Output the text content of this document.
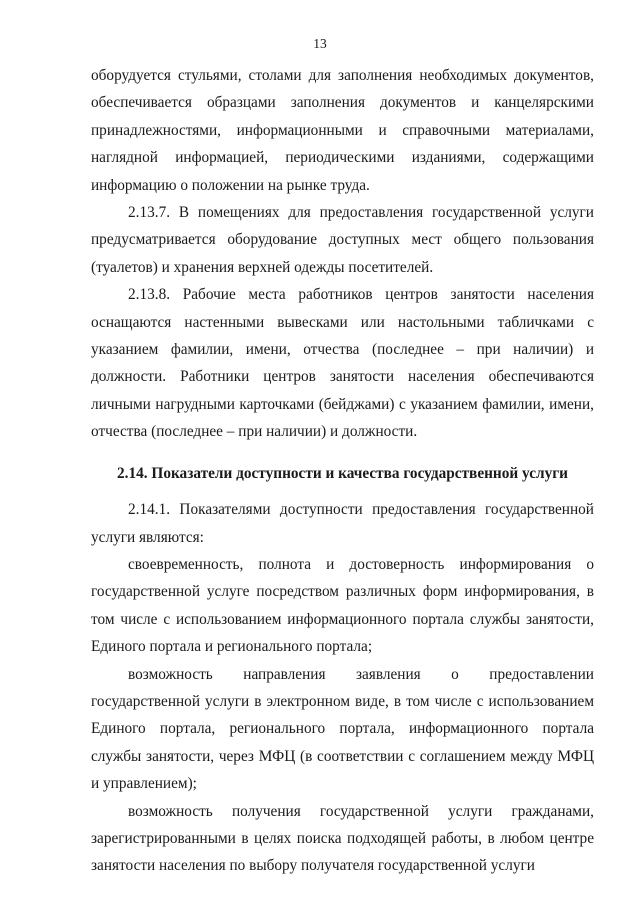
13

оборудуется стульями, столами для заполнения необходимых документов, обеспечивается образцами заполнения документов и канцелярскими принадлежностями, информационными и справочными материалами, наглядной информацией, периодическими изданиями, содержащими информацию о положении на рынке труда.

2.13.7. В помещениях для предоставления государственной услуги предусматривается оборудование доступных мест общего пользования (туалетов) и хранения верхней одежды посетителей.

2.13.8. Рабочие места работников центров занятости населения оснащаются настенными вывесками или настольными табличками с указанием фамилии, имени, отчества (последнее – при наличии) и должности. Работники центров занятости населения обеспечиваются личными нагрудными карточками (бейджами) с указанием фамилии, имени, отчества (последнее – при наличии) и должности.

2.14. Показатели доступности и качества государственной услуги

2.14.1. Показателями доступности предоставления государственной услуги являются:

своевременность, полнота и достоверность информирования о государственной услуге посредством различных форм информирования, в том числе с использованием информационного портала службы занятости, Единого портала и регионального портала;

возможность направления заявления о предоставлении государственной услуги в электронном виде, в том числе с использованием Единого портала, регионального портала, информационного портала службы занятости, через МФЦ (в соответствии с соглашением между МФЦ и управлением);

возможность получения государственной услуги гражданами, зарегистрированными в целях поиска подходящей работы, в любом центре занятости населения по выбору получателя государственной услуги
